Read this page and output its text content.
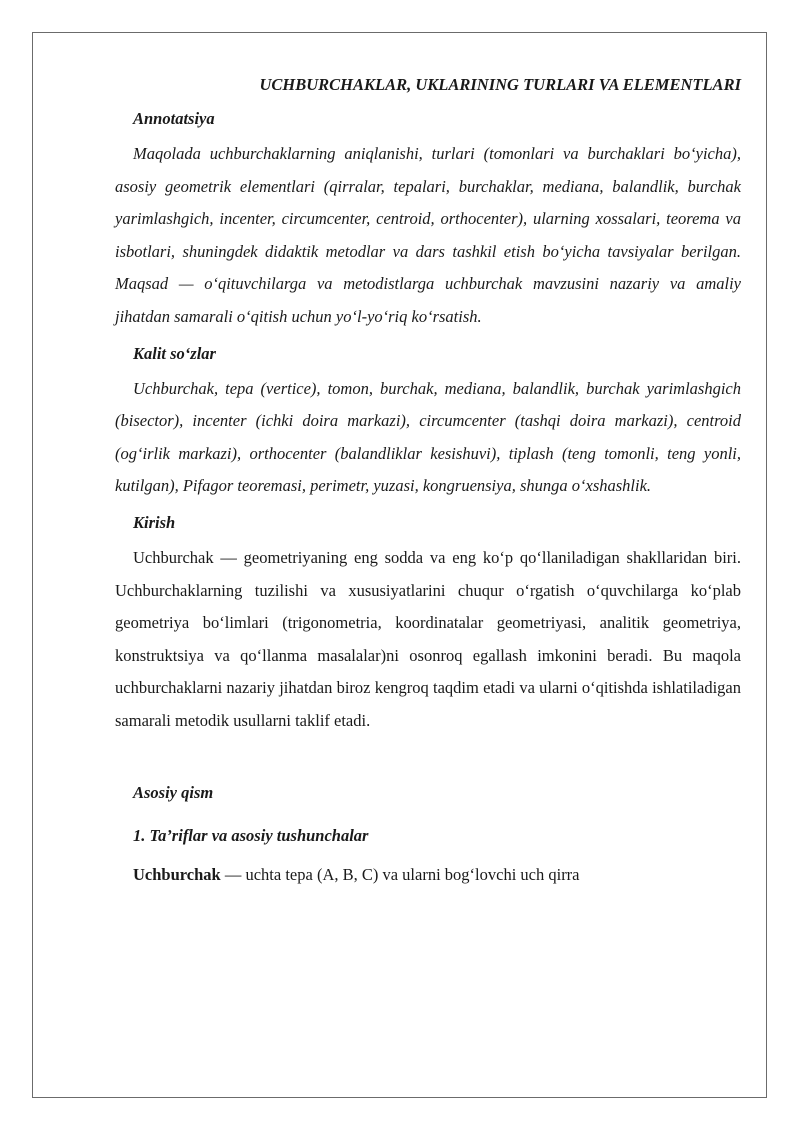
UCHBURCHAKLAR, UKLARINING TURLARI VA ELEMENTLARI

Annotatsiya

Maqolada uchburchaklarning aniqlanishi, turlari (tomonlari va burchaklari bo‘yicha), asosiy geometrik elementlari (qirralar, tepalari, burchaklar, mediana, balandlik, burchak yarimlashgich, incenter, circumcenter, centroid, orthocenter), ularning xossalari, teorema va isbotlari, shuningdek didaktik metodlar va dars tashkil etish bo‘yicha tavsiyalar berilgan. Maqsad — o‘qituvchilarga va metodistlarga uchburchak mavzusini nazariy va amaliy jihatdan samarali o‘qitish uchun yo‘l-yo‘riq ko‘rsatish.

Kalit so‘zlar

Uchburchak, tepa (vertice), tomon, burchak, mediana, balandlik, burchak yarimlashgich (bisector), incenter (ichki doira markazi), circumcenter (tashqi doira markazi), centroid (og‘irlik markazi), orthocenter (balandliklar kesishuvi), tiplash (teng tomonli, teng yonli, kutilgan), Pifagor teoremasi, perimetr, yuzasi, kongruensiya, shunga o‘xshashlik.

Kirish

Uchburchak — geometriyaning eng sodda va eng ko‘p qo‘llaniladigan shakllaridan biri. Uchburchaklarning tuzilishi va xususiyatlarini chuqur o‘rgatish o‘quvchilarga ko‘plab geometriya bo‘limlari (trigonometria, koordinatalar geometriyasi, analitik geometriya, konstruktsiya va qo‘llanma masalalar)ni osonroq egallash imkonini beradi. Bu maqola uchburchaklarni nazariy jihatdan biroz kengroq taqdim etadi va ularni o‘qitishda ishlatiladigan samarali metodik usullarni taklif etadi.

Asosiy qism

1. Ta’riflar va asosiy tushunchalar

Uchburchak — uchta tepa (A, B, C) va ularni bog‘lovchi uch qirra
